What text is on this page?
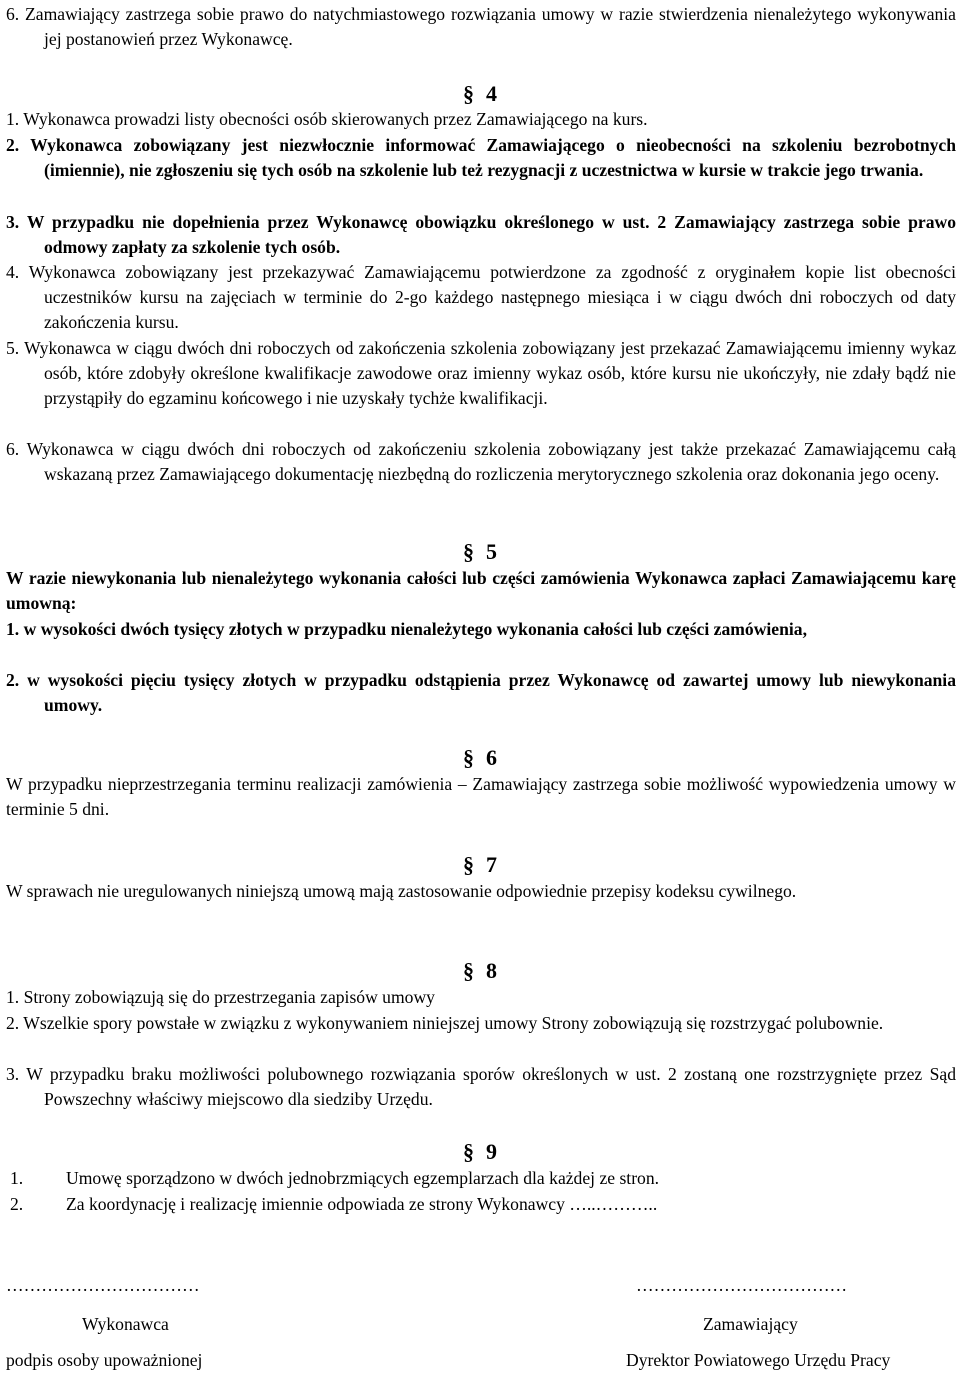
6. Zamawiający zastrzega sobie prawo do natychmiastowego rozwiązania umowy w razie stwierdzenia nienależytego wykonywania jej postanowień przez Wykonawcę.

§ 4

1. Wykonawca prowadzi listy obecności osób skierowanych przez Zamawiającego na kurs.

2. Wykonawca zobowiązany jest niezwłocznie informować Zamawiającego o nieobecności na szkoleniu bezrobotnych (imiennie), nie zgłoszeniu się tych osób na szkolenie lub też rezygnacji z uczestnictwa w kursie w trakcie jego trwania.

3. W przypadku nie dopełnienia przez Wykonawcę obowiązku określonego w ust. 2 Zamawiający zastrzega sobie prawo odmowy zapłaty za szkolenie tych osób.

4. Wykonawca zobowiązany jest przekazywać Zamawiającemu potwierdzone za zgodność z oryginałem kopie list obecności uczestników kursu na zajęciach w terminie do 2-go każdego następnego miesiąca i w ciągu dwóch dni roboczych od daty zakończenia kursu.

5. Wykonawca w ciągu dwóch dni roboczych od zakończenia szkolenia zobowiązany jest przekazać Zamawiającemu imienny wykaz osób, które zdobyły określone kwalifikacje zawodowe oraz imienny wykaz osób, które kursu nie ukończyły, nie zdały bądź nie przystąpiły do egzaminu końcowego i nie uzyskały tychże kwalifikacji.

6. Wykonawca w ciągu dwóch dni roboczych od zakończeniu szkolenia zobowiązany jest także przekazać Zamawiającemu całą wskazaną przez Zamawiającego dokumentację niezbędną do rozliczenia merytorycznego szkolenia oraz dokonania jego oceny.

§ 5

W razie niewykonania lub nienależytego wykonania całości lub części zamówienia Wykonawca zapłaci Zamawiającemu karę umowną:

1. w wysokości dwóch tysięcy złotych w przypadku nienależytego wykonania całości lub części zamówienia,

2. w wysokości pięciu tysięcy złotych w przypadku odstąpienia przez Wykonawcę od zawartej umowy lub niewykonania umowy.

§ 6

W przypadku nieprzestrzegania terminu realizacji zamówienia – Zamawiający zastrzega sobie możliwość wypowiedzenia umowy w terminie 5 dni.

§ 7

W sprawach nie uregulowanych niniejszą umową mają zastosowanie odpowiednie przepisy kodeksu cywilnego.

§ 8

1. Strony zobowiązują się do przestrzegania zapisów umowy

2. Wszelkie spory powstałe w związku z wykonywaniem niniejszej umowy Strony zobowiązują się rozstrzygać polubownie.

3. W przypadku braku możliwości polubownego rozwiązania sporów określonych w ust. 2 zostaną one rozstrzygnięte przez Sąd Powszechny właściwy miejscowo dla siedziby Urzędu.

§ 9

1. Umowę sporządzono w dwóch jednobrzmiących egzemplarzach dla każdej ze stron.

2. Za koordynację i realizację imiennie odpowiada ze strony Wykonawcy …..………..

……………………………	………………………………
Wykonawca	Zamawiający
podpis osoby upoważnionej	Dyrektor Powiatowego Urzędu Pracy
